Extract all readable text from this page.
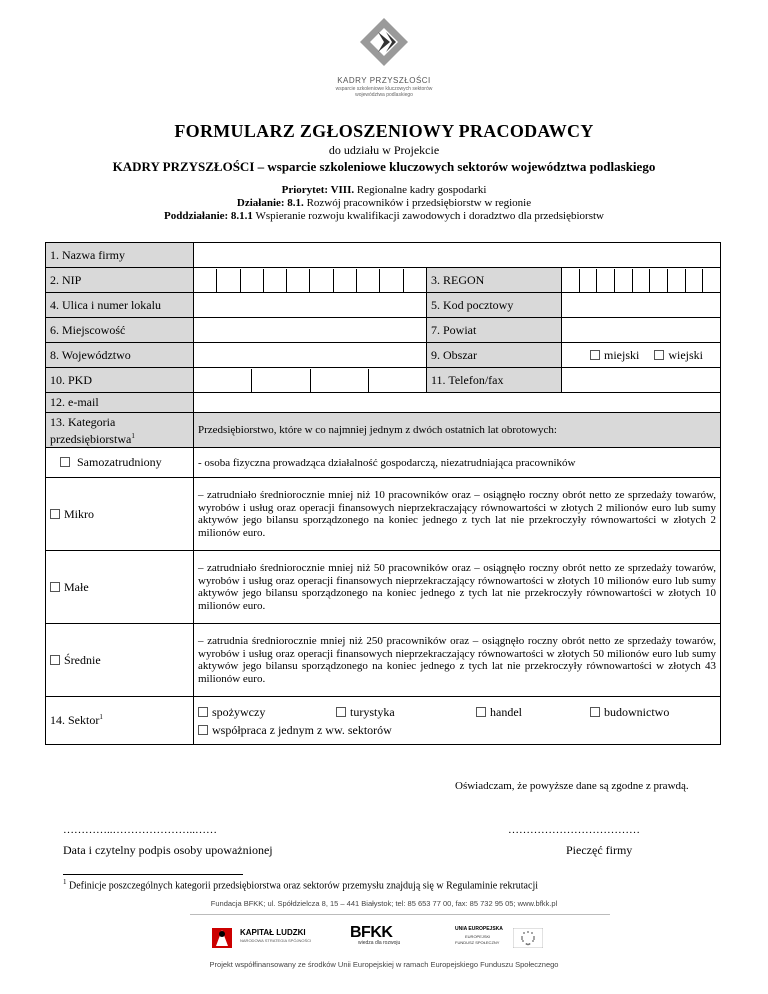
KADRY PRZYSZŁOŚCI
wsparcie szkoleniowe kluczowych sektorów
województwa podlaskiego
FORMULARZ ZGŁOSZENIOWY PRACODAWCY
do udziału w Projekcie
KADRY PRZYSZŁOŚCI – wsparcie szkoleniowe kluczowych sektorów województwa podlaskiego
Priorytet: VIII. Regionalne kadry gospodarki
Działanie: 8.1. Rozwój pracowników i przedsiębiorstw w regionie
Poddziałanie: 8.1.1 Wspieranie rozwoju kwalifikacji zawodowych i doradztwo dla przedsiębiorstw
1. Nazwa firmy			
2. NIP		3. REGON	

4. Ulica i numer lokalu		5. Kod pocztowy	
6. Miejscowość		7. Powiat	
8. Województwo		9. Obszar	miejski wiejski
10. PKD		11. Telefon/fax	
12. e-mail			

13. Kategoria
przedsiębiorstwa$^1$	Przedsiębiorstwo, które w co najmniej jednym z dwóch ostatnich lat obrotowych:		
Samozatrudniony	- osoba fizyczna prowadząca działalność gospodarczą, niezatrudniająca pracowników		
Mikro	– zatrudniało średniorocznie mniej niż 10 pracowników oraz – osiągnęło roczny obrót netto ze sprzedaży towarów, wyrobów i usług oraz operacji finansowych nieprzekraczający równowartości w złotych 2 milionów euro lub sumy aktywów jego bilansu sporządzonego na koniec jednego z tych lat nie przekroczyły równowartości w złotych 2 milionów euro.		
Małe	– zatrudniało średniorocznie mniej niż 50 pracowników oraz – osiągnęło roczny obrót netto ze sprzedaży towarów, wyrobów i usług oraz operacji finansowych nieprzekraczający równowartości w złotych 10 milionów euro lub sumy aktywów jego bilansu sporządzonego na koniec jednego z tych lat nie przekroczyły równowartości w złotych 10 milionów euro.		
Średnie	– zatrudnia średniorocznie mniej niż 250 pracowników oraz – osiągnęło roczny obrót netto ze sprzedaży towarów, wyrobów i usług oraz operacji finansowych nieprzekraczający równowartości w złotych 50 milionów euro lub sumy aktywów jego bilansu sporządzonego na koniec jednego z tych lat nie przekroczyły równowartości w złotych 43 milionów euro.		
14. Sektor$^1$	spożywczy turystyka handel budownictwo
współpraca z jednym z ww. sektorów		
Oświadczam, że powyższe dane są zgodne z prawdą.
…………..…………………..……	………………………………
Data i czytelny podpis osoby upoważnionej	Pieczęć firmy
$^1$ Definicje poszczególnych kategorii przedsiębiorstwa oraz sektorów przemysłu znajdują się w Regulaminie rekrutacji
Fundacja BFKK; ul. Spółdzielcza 8, 15 – 441 Białystok; tel: 85 653 77 00, fax: 85 732 95 05; www.bfkk.pl
KAPITAŁ LUDZKI
NARODOWA STRATEGIA SPÓJNOŚCI BFKK
wiedza dla rozwoju
UNIA EUROPEJSKA
EUROPEJSKI
FUNDUSZ SPOŁECZNY
Projekt współfinansowany ze środków Unii Europejskiej w ramach Europejskiego Funduszu Społecznego
